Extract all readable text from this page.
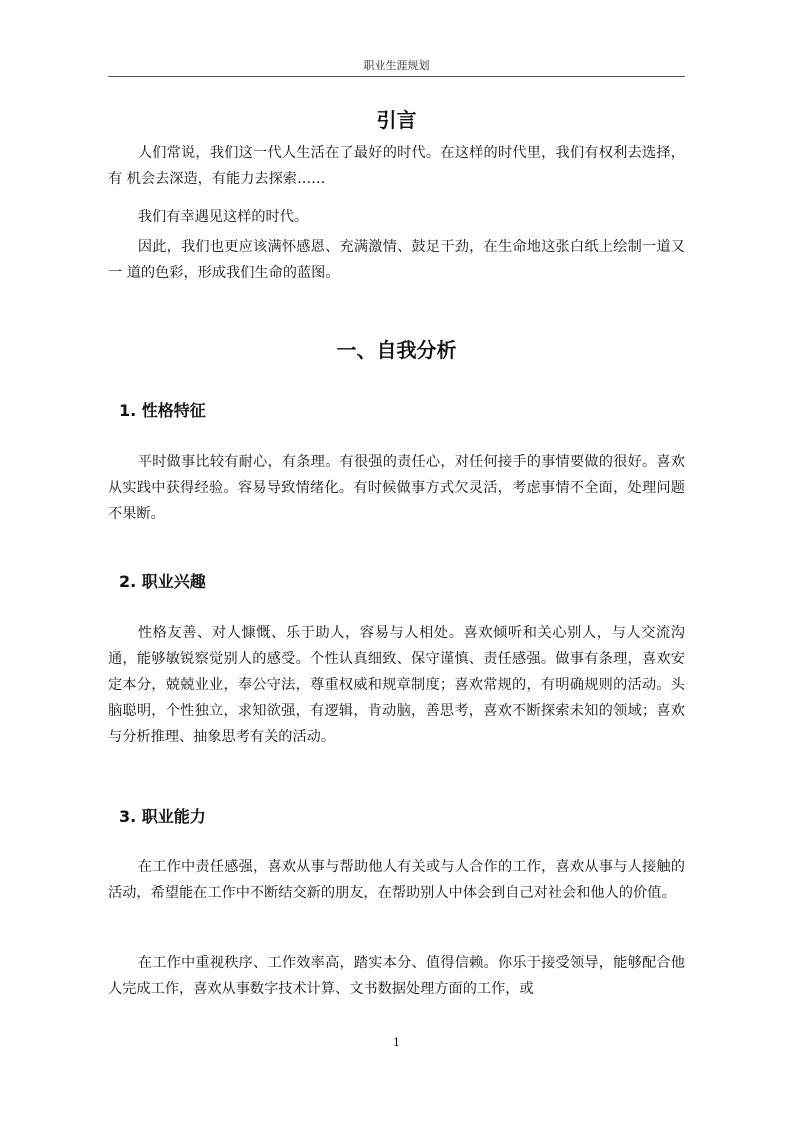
职业生涯规划
引言

人们常说，我们这一代人生活在了最好的时代。在这样的时代里，我们有权利去选择，有 机会去深造，有能力去探索……

我们有幸遇见这样的时代。

因此，我们也更应该满怀感恩、充满激情、鼓足干劲，在生命地这张白纸上绘制一道又一 道的色彩，形成我们生命的蓝图。

一、自我分析
1. 性格特征

平时做事比较有耐心，有条理。有很强的责任心，对任何接手的事情要做的很好。喜欢从实践中获得经验。容易导致情绪化。有时候做事方式欠灵活，考虑事情不全面，处理问题不果断。

2. 职业兴趣

性格友善、对人慷慨、乐于助人，容易与人相处。喜欢倾听和关心别人，与人交流沟通，能够敏锐察觉别人的感受。个性认真细致、保守谨慎、责任感强。做事有条理，喜欢安定本分，兢兢业业，奉公守法，尊重权威和规章制度；喜欢常规的，有明确规则的活动。头脑聪明，个性独立，求知欲强，有逻辑，肯动脑，善思考，喜欢不断探索未知的领域；喜欢与分析推理、抽象思考有关的活动。

3. 职业能力

在工作中责任感强，喜欢从事与帮助他人有关或与人合作的工作，喜欢从事与人接触的活动，希望能在工作中不断结交新的朋友，在帮助别人中体会到自己对社会和他人的价值。

在工作中重视秩序、工作效率高，踏实本分、值得信赖。你乐于接受领导，能够配合他人完成工作，喜欢从事数字技术计算、文书数据处理方面的工作，或

1
